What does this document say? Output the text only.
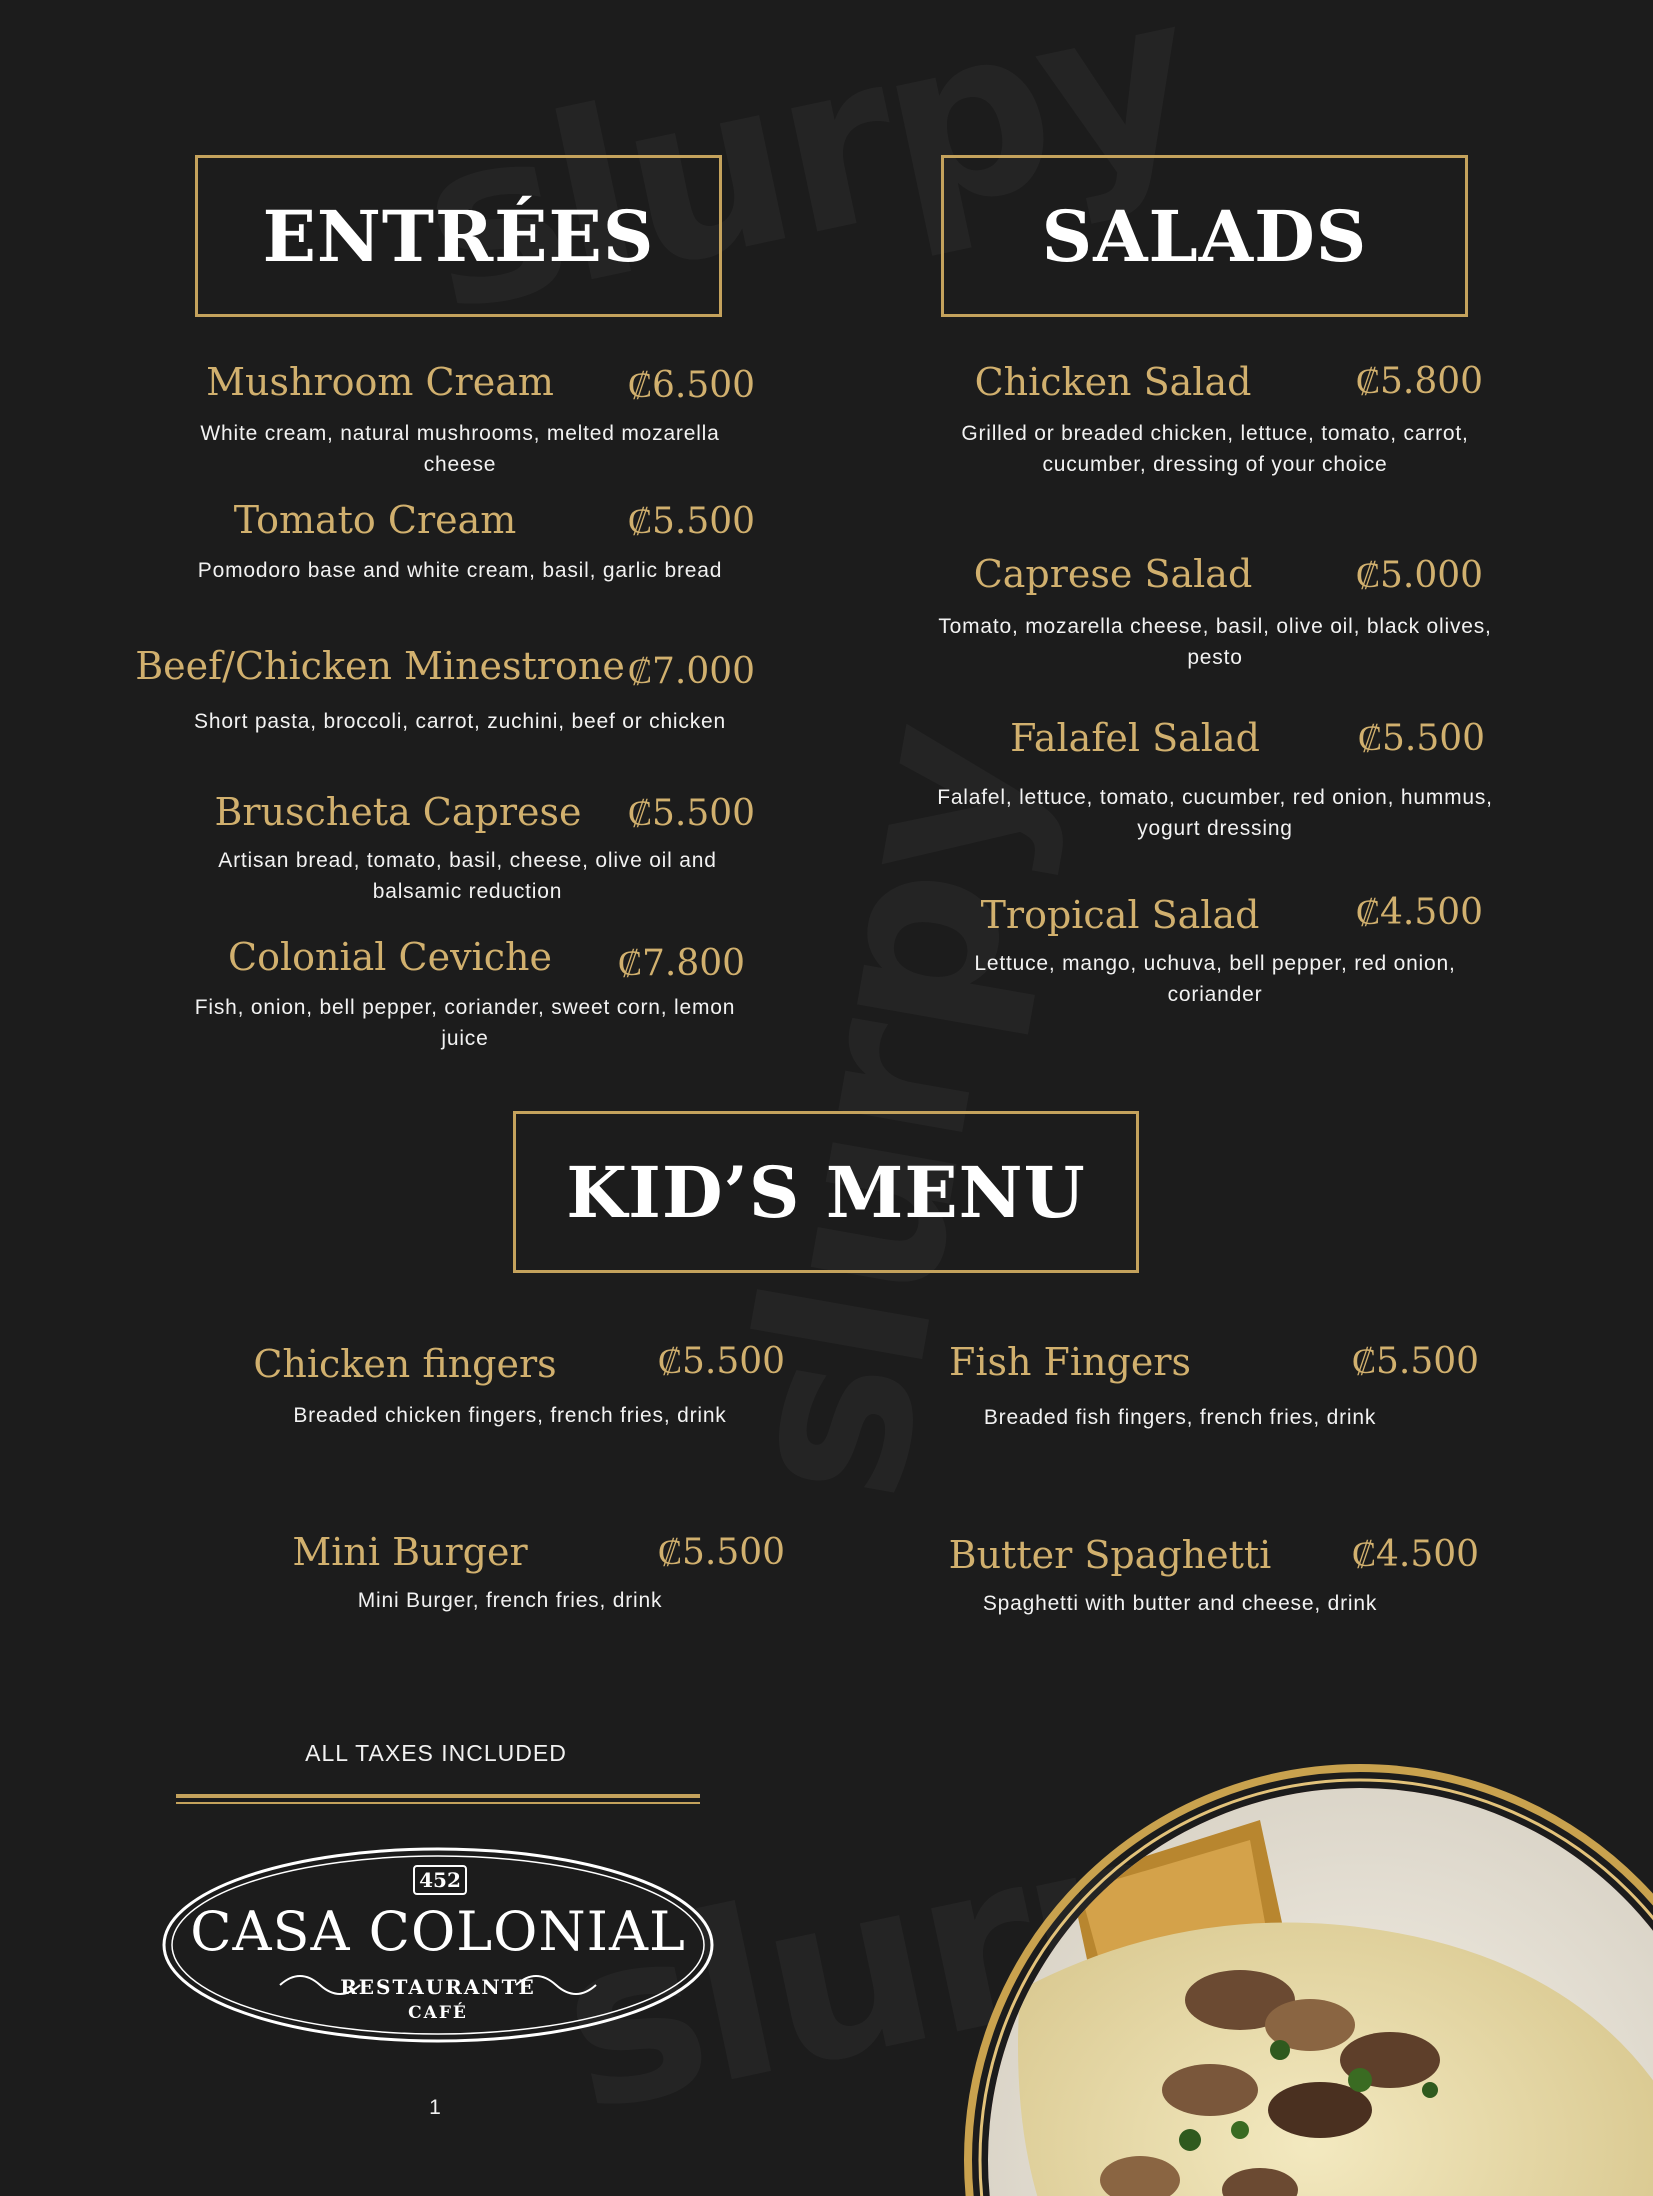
ENTRÉES
Mushroom Cream ₡6.500
White cream, natural mushrooms, melted mozarella cheese
Tomato Cream	₡5.500
Pomodoro base and white cream, basil, garlic bread
Beef/Chicken Minestrone ₡7.000
Short pasta, broccoli, carrot, zuchini, beef or chicken
Bruscheta Caprese	₡5.500
Artisan bread, tomato, basil, cheese, olive oil and balsamic reduction
Colonial Ceviche	₡7.800
Fish, onion, bell pepper, coriander, sweet corn, lemon juice
SALADS
Chicken Salad	₡5.800
Grilled or breaded chicken, lettuce, tomato, carrot, cucumber, dressing of your choice
Caprese Salad	₡5.000
Tomato, mozarella cheese, basil, olive oil, black olives, pesto
Falafel Salad	₡5.500
Falafel, lettuce, tomato, cucumber, red onion, hummus, yogurt dressing
Tropical Salad	₡4.500
Lettuce, mango, uchuva, bell pepper, red onion, coriander
KID’S MENU
Chicken fingers	₡5.500
Breaded chicken fingers, french fries, drink
Fish Fingers	₡5.500
Breaded fish fingers, french fries, drink
Mini Burger	₡5.500
Mini Burger, french fries, drink
Butter Spaghetti	₡4.500
Spaghetti with butter and cheese, drink
ALL TAXES INCLUDED
452
CASA COLONIAL
RESTAURANTE
CAFÉ
1
